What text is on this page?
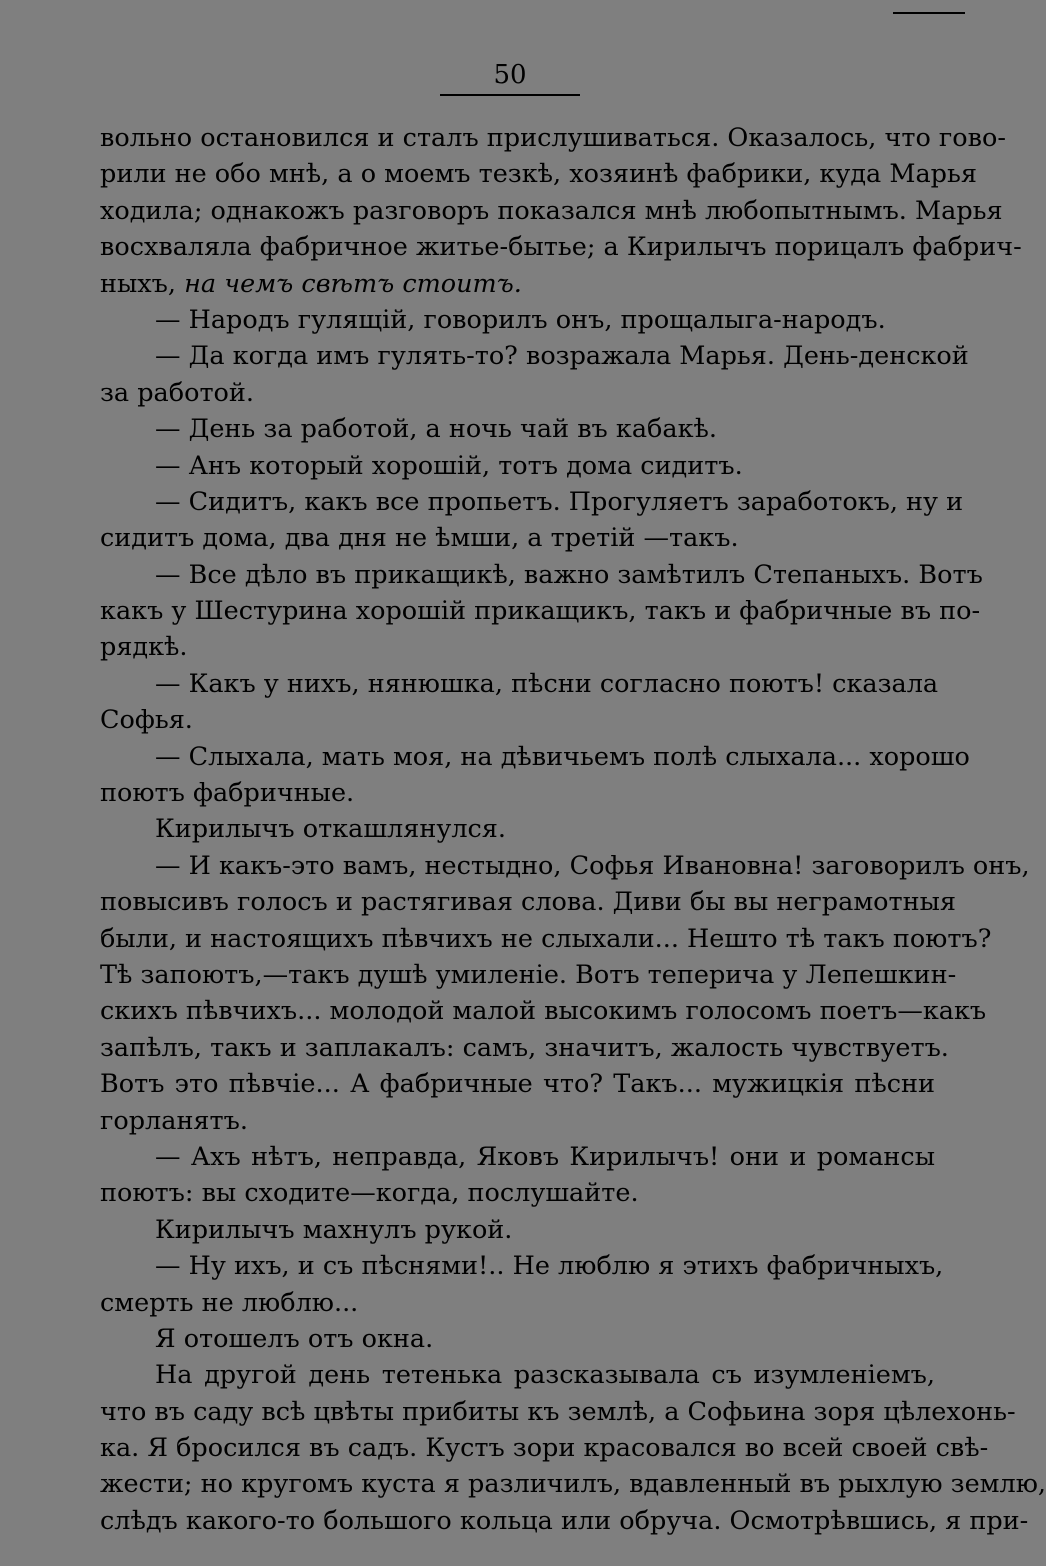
50
вольно остановился и сталъ прислушиваться. Оказалось, что гово-
рили не обо мнѣ, а о моемъ тезкѣ, хозяинѣ фабрики, куда Марья
ходила; однакожъ разговоръ показался мнѣ любопытнымъ. Марья
восхваляла фабричное житье-бытье; а Кирилычъ порицалъ фабрич-
ныхъ, на чемъ свѣтъ стоитъ.
— Народъ гулящій, говорилъ онъ, прощалыга-народъ.
— Да когда имъ гулять-то? возражала Марья. День-денской
за работой.
— День за работой, а ночь чай въ кабакѣ.
— Анъ который хорошій, тотъ дома сидитъ.
— Сидитъ, какъ все пропьетъ. Прогуляетъ заработокъ, ну и
сидитъ дома, два дня не ѣмши, а третій —такъ.
— Все дѣло въ прикащикѣ, важно замѣтилъ Степаныхъ. Вотъ
какъ у Шестурина хорошій прикащикъ, такъ и фабричные въ по-
рядкѣ.
— Какъ у нихъ, нянюшка, пѣсни согласно поютъ! сказала
Софья.
— Слыхала, мать моя, на дѣвичьемъ полѣ слыхала... хорошо
поютъ фабричные.
Кирилычъ откашлянулся.
— И какъ-это вамъ, нестыдно, Софья Ивановна! заговорилъ онъ,
повысивъ голосъ и растягивая слова. Диви бы вы неграмотныя
были, и настоящихъ пѣвчихъ не слыхали... Нешто тѣ такъ поютъ?
Тѣ запоютъ,—такъ душѣ умиленіе. Вотъ теперича у Лепешкин-
скихъ пѣвчихъ... молодой малой высокимъ голосомъ поетъ—какъ
запѣлъ, такъ и заплакалъ: самъ, значитъ, жалость чувствуетъ.
Вотъ это пѣвчіе... А фабричные что? Такъ... мужицкія пѣсни
горланятъ.
— Ахъ нѣтъ, неправда, Яковъ Кирилычъ! они и романсы
поютъ: вы сходите—когда, послушайте.
Кирилычъ махнулъ рукой.
— Ну ихъ, и съ пѣснями!.. Не люблю я этихъ фабричныхъ,
смерть не люблю...
Я отошелъ отъ окна.
На другой день тетенька разсказывала съ изумленіемъ,
что въ саду всѣ цвѣты прибиты къ землѣ, а Софьина зоря цѣлехонь-
ка. Я бросился въ садъ. Кустъ зори красовался во всей своей свѣ-
жести; но кругомъ куста я различилъ, вдавленный въ рыхлую землю,
слѣдъ какого-то большого кольца или обруча. Осмотрѣвшись, я при-
